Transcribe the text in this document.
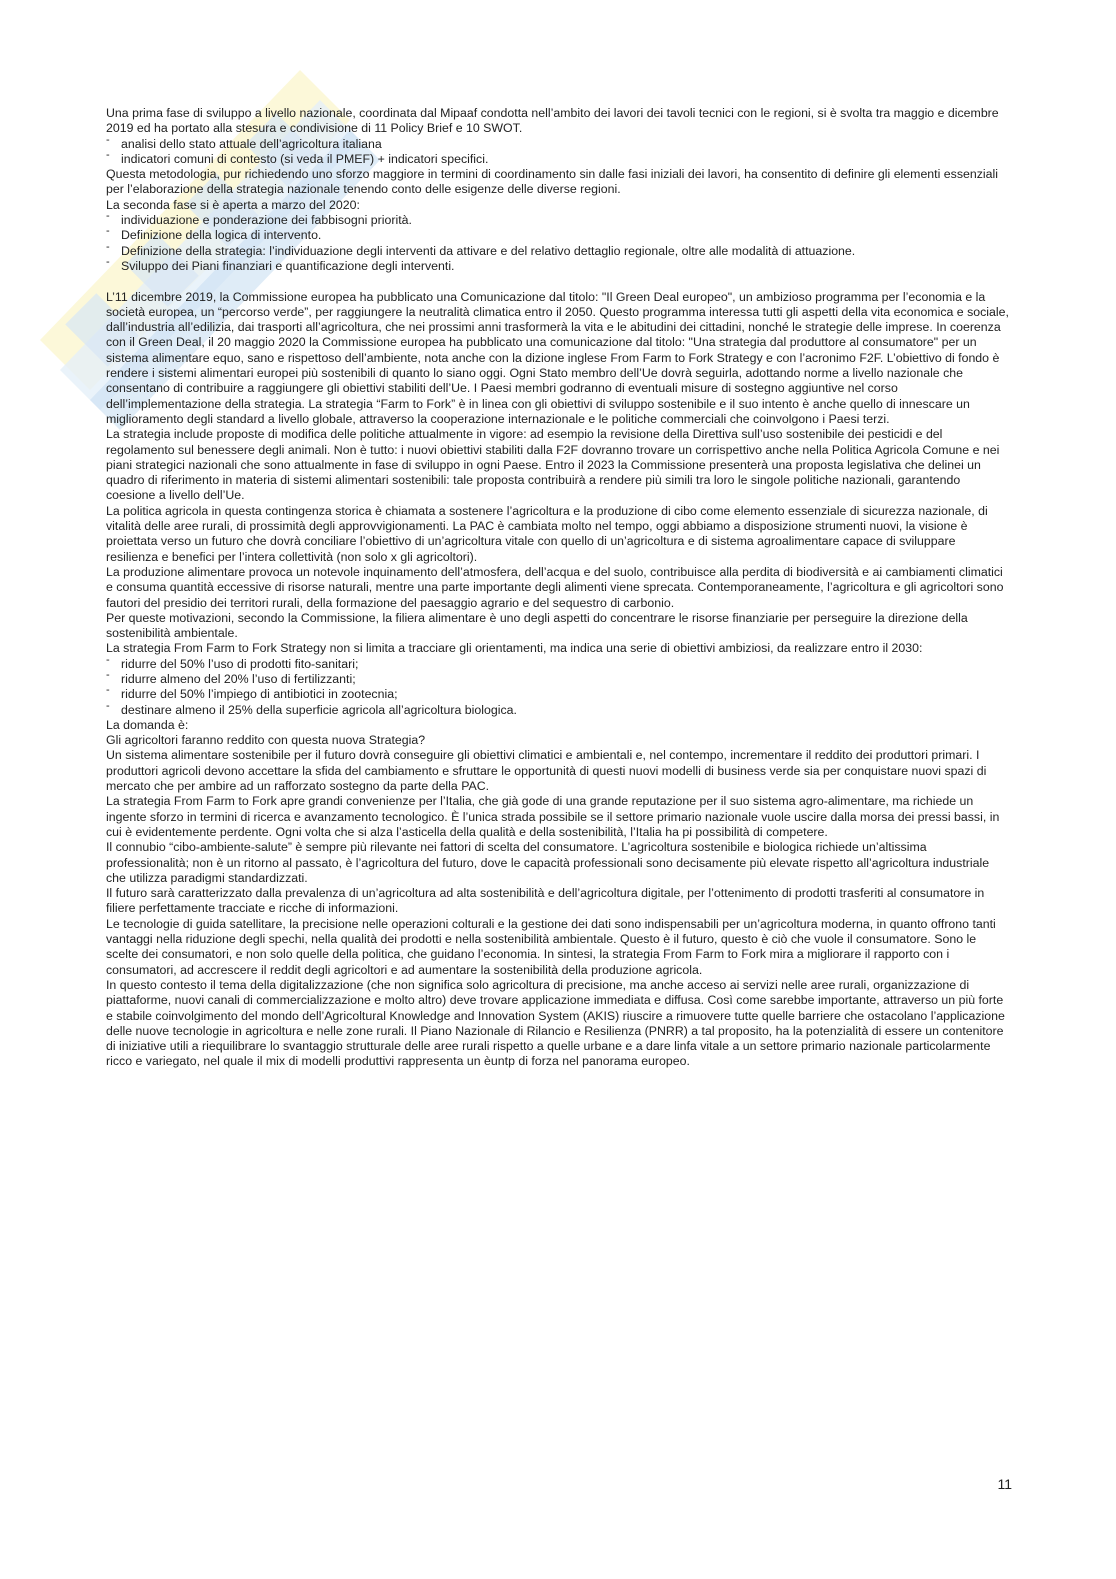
Una prima fase di sviluppo a livello nazionale, coordinata dal Mipaaf condotta nell’ambito dei lavori dei tavoli tecnici con le regioni, si è svolta tra maggio e dicembre 2019 ed ha portato alla stesura e condivisione di 11 Policy Brief e 10 SWOT.

- analisi dello stato attuale dell’agricoltura italiana
- indicatori comuni di contesto (si veda il PMEF) + indicatori specifici.

Questa metodologia, pur richiedendo uno sforzo maggiore in termini di coordinamento sin dalle fasi iniziali dei lavori, ha consentito di definire gli elementi essenziali per l’elaborazione della strategia nazionale tenendo conto delle esigenze delle diverse regioni.

La seconda fase si è aperta a marzo del 2020:

- individuazione e ponderazione dei fabbisogni priorità.
- Definizione della logica di intervento.
- Definizione della strategia: l’individuazione degli interventi da attivare e del relativo dettaglio regionale, oltre alle modalità di attuazione.
- Sviluppo dei Piani finanziari e quantificazione degli interventi.

L’11 dicembre 2019, la Commissione europea ha pubblicato una Comunicazione dal titolo: "Il Green Deal europeo", un ambizioso programma per l’economia e la società europea, un “percorso verde”, per raggiungere la neutralità climatica entro il 2050. Questo programma interessa tutti gli aspetti della vita economica e sociale, dall’industria all’edilizia, dai trasporti all’agricoltura, che nei prossimi anni trasformerà la vita e le abitudini dei cittadini, nonché le strategie delle imprese. In coerenza con il Green Deal, il 20 maggio 2020 la Commissione europea ha pubblicato una comunicazione dal titolo: "Una strategia dal produttore al consumatore" per un sistema alimentare equo, sano e rispettoso dell’ambiente, nota anche con la dizione inglese From Farm to Fork Strategy e con l’acronimo F2F. L’obiettivo di fondo è rendere i sistemi alimentari europei più sostenibili di quanto lo siano oggi. Ogni Stato membro dell’Ue dovrà seguirla, adottando norme a livello nazionale che consentano di contribuire a raggiungere gli obiettivi stabiliti dell’Ue. I Paesi membri godranno di eventuali misure di sostegno aggiuntive nel corso dell’implementazione della strategia. La strategia “Farm to Fork” è in linea con gli obiettivi di sviluppo sostenibile e il suo intento è anche quello di innescare un miglioramento degli standard a livello globale, attraverso la cooperazione internazionale e le politiche commerciali che coinvolgono i Paesi terzi.

La strategia include proposte di modifica delle politiche attualmente in vigore: ad esempio la revisione della Direttiva sull’uso sostenibile dei pesticidi e del regolamento sul benessere degli animali. Non è tutto: i nuovi obiettivi stabiliti dalla F2F dovranno trovare un corrispettivo anche nella Politica Agricola Comune e nei piani strategici nazionali che sono attualmente in fase di sviluppo in ogni Paese. Entro il 2023 la Commissione presenterà una proposta legislativa che delinei un quadro di riferimento in materia di sistemi alimentari sostenibili: tale proposta contribuirà a rendere più simili tra loro le singole politiche nazionali, garantendo coesione a livello dell’Ue.

La politica agricola in questa contingenza storica è chiamata a sostenere l’agricoltura e la produzione di cibo come elemento essenziale di sicurezza nazionale, di vitalità delle aree rurali, di prossimità degli approvvigionamenti. La PAC è cambiata molto nel tempo, oggi abbiamo a disposizione strumenti nuovi, la visione è proiettata verso un futuro che dovrà conciliare l’obiettivo di un’agricoltura vitale con quello di un’agricoltura e di sistema agroalimentare capace di sviluppare resilienza e benefici per l’intera collettività (non solo x gli agricoltori).

La produzione alimentare provoca un notevole inquinamento dell’atmosfera, dell’acqua e del suolo, contribuisce alla perdita di biodiversità e ai cambiamenti climatici e consuma quantità eccessive di risorse naturali, mentre una parte importante degli alimenti viene sprecata. Contemporaneamente, l’agricoltura e gli agricoltori sono fautori del presidio dei territori rurali, della formazione del paesaggio agrario e del sequestro di carbonio.

Per queste motivazioni, secondo la Commissione, la filiera alimentare è uno degli aspetti do concentrare le risorse finanziarie per perseguire la direzione della sostenibilità ambientale.

La strategia From Farm to Fork Strategy non si limita a tracciare gli orientamenti, ma indica una serie di obiettivi ambiziosi, da realizzare entro il 2030:

- ridurre del 50% l’uso di prodotti fito-sanitari;
- ridurre almeno del 20% l’uso di fertilizzanti;
- ridurre del 50% l’impiego di antibiotici in zootecnia;
- destinare almeno il 25% della superficie agricola all’agricoltura biologica.

La domanda è:

Gli agricoltori faranno reddito con questa nuova Strategia?

Un sistema alimentare sostenibile per il futuro dovrà conseguire gli obiettivi climatici e ambientali e, nel contempo, incrementare il reddito dei produttori primari. I produttori agricoli devono accettare la sfida del cambiamento e sfruttare le opportunità di questi nuovi modelli di business verde sia per conquistare nuovi spazi di mercato che per ambire ad un rafforzato sostegno da parte della PAC.

La strategia From Farm to Fork apre grandi convenienze per l’Italia, che già gode di una grande reputazione per il suo sistema agro-alimentare, ma richiede un ingente sforzo in termini di ricerca e avanzamento tecnologico. È l’unica strada possibile se il settore primario nazionale vuole uscire dalla morsa dei pressi bassi, in cui è evidentemente perdente. Ogni volta che si alza l’asticella della qualità e della sostenibilità, l’Italia ha pi possibilità di competere.

Il connubio “cibo-ambiente-salute” è sempre più rilevante nei fattori di scelta del consumatore. L’agricoltura sostenibile e biologica richiede un’altissima professionalità; non è un ritorno al passato, è l’agricoltura del futuro, dove le capacità professionali sono decisamente più elevate rispetto all’agricoltura industriale che utilizza paradigmi standardizzati.

Il futuro sarà caratterizzato dalla prevalenza di un’agricoltura ad alta sostenibilità e dell’agricoltura digitale, per l’ottenimento di prodotti trasferiti al consumatore in filiere perfettamente tracciate e ricche di informazioni.

Le tecnologie di guida satellitare, la precisione nelle operazioni colturali e la gestione dei dati sono indispensabili per un’agricoltura moderna, in quanto offrono tanti vantaggi nella riduzione degli spechi, nella qualità dei prodotti e nella sostenibilità ambientale. Questo è il futuro, questo è ciò che vuole il consumatore. Sono le scelte dei consumatori, e non solo quelle della politica, che guidano l’economia. In sintesi, la strategia From Farm to Fork mira a migliorare il rapporto con i consumatori, ad accrescere il reddit degli agricoltori e ad aumentare la sostenibilità della produzione agricola.

In questo contesto il tema della digitalizzazione (che non significa solo agricoltura di precisione, ma anche acceso ai servizi nelle aree rurali, organizzazione di piattaforme, nuovi canali di commercializzazione e molto altro) deve trovare applicazione immediata e diffusa. Così come sarebbe importante, attraverso un più forte e stabile coinvolgimento del mondo dell’Agricoltural Knowledge and Innovation System (AKIS) riuscire a rimuovere tutte quelle barriere che ostacolano l’applicazione delle nuove tecnologie in agricoltura e nelle zone rurali. Il Piano Nazionale di Rilancio e Resilienza (PNRR) a tal proposito, ha la potenzialità di essere un contenitore di iniziative utili a riequilibrare lo svantaggio strutturale delle aree rurali rispetto a quelle urbane e a dare linfa vitale a un settore primario nazionale particolarmente ricco e variegato, nel quale il mix di modelli produttivi rappresenta un èuntp di forza nel panorama europeo.

11
